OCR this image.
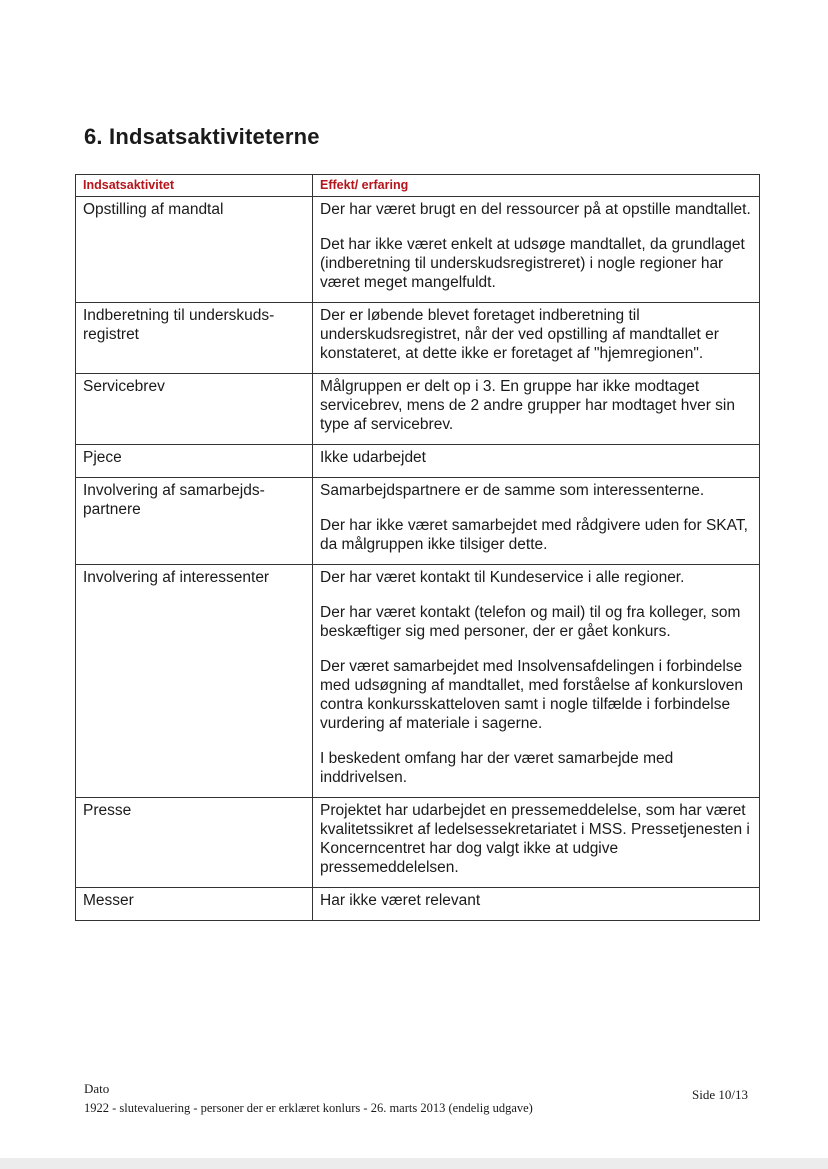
6. Indsatsaktiviteterne
Indsatsaktivitet	Effekt/ erfaring
Opstilling af mandtal	Der har været brugt en del ressourcer på at opstille mandtallet.

Det har ikke været enkelt at udsøge mandtallet, da grundlaget (indberetning til underskudsregistreret) i nogle regioner har været meget mangelfuldt.

Indberetning til underskuds-registret	Der er løbende blevet foretaget indberetning til underskudsregistret, når der ved opstilling af mandtallet er konstateret, at dette ikke er foretaget af "hjemregionen".

Servicebrev	Målgruppen er delt op i 3. En gruppe har ikke modtaget servicebrev, mens de 2 andre grupper har modtaget hver sin type af servicebrev.

Pjece	Ikke udarbejdet

Involvering af samarbejds-partnere	Samarbejdspartnere er de samme som interessenterne.

Der har ikke været samarbejdet med rådgivere uden for SKAT, da målgruppen ikke tilsiger dette.

Involvering af interessenter	Der har været kontakt til Kundeservice i alle regioner.

Der har været kontakt (telefon og mail) til og fra kolleger, som beskæftiger sig med personer, der er gået konkurs.

Der været samarbejdet med Insolvensafdelingen i forbindelse med udsøgning af mandtallet, med forståelse af konkursloven contra konkursskatteloven samt i nogle tilfælde i forbindelse vurdering af materiale i sagerne.

I beskedent omfang har der været samarbejde med inddrivelsen.

Presse	Projektet har udarbejdet en pressemeddelelse, som har været kvalitetssikret af ledelsessekretariatet i MSS. Pressetjenesten i Koncerncentret har dog valgt ikke at udgive pressemeddelelsen.

Messer	Har ikke været relevant

Dato
1922 - slutevaluering - personer der er erklæret konlurs - 26. marts 2013 (endelig udgave)
Side 10/13
